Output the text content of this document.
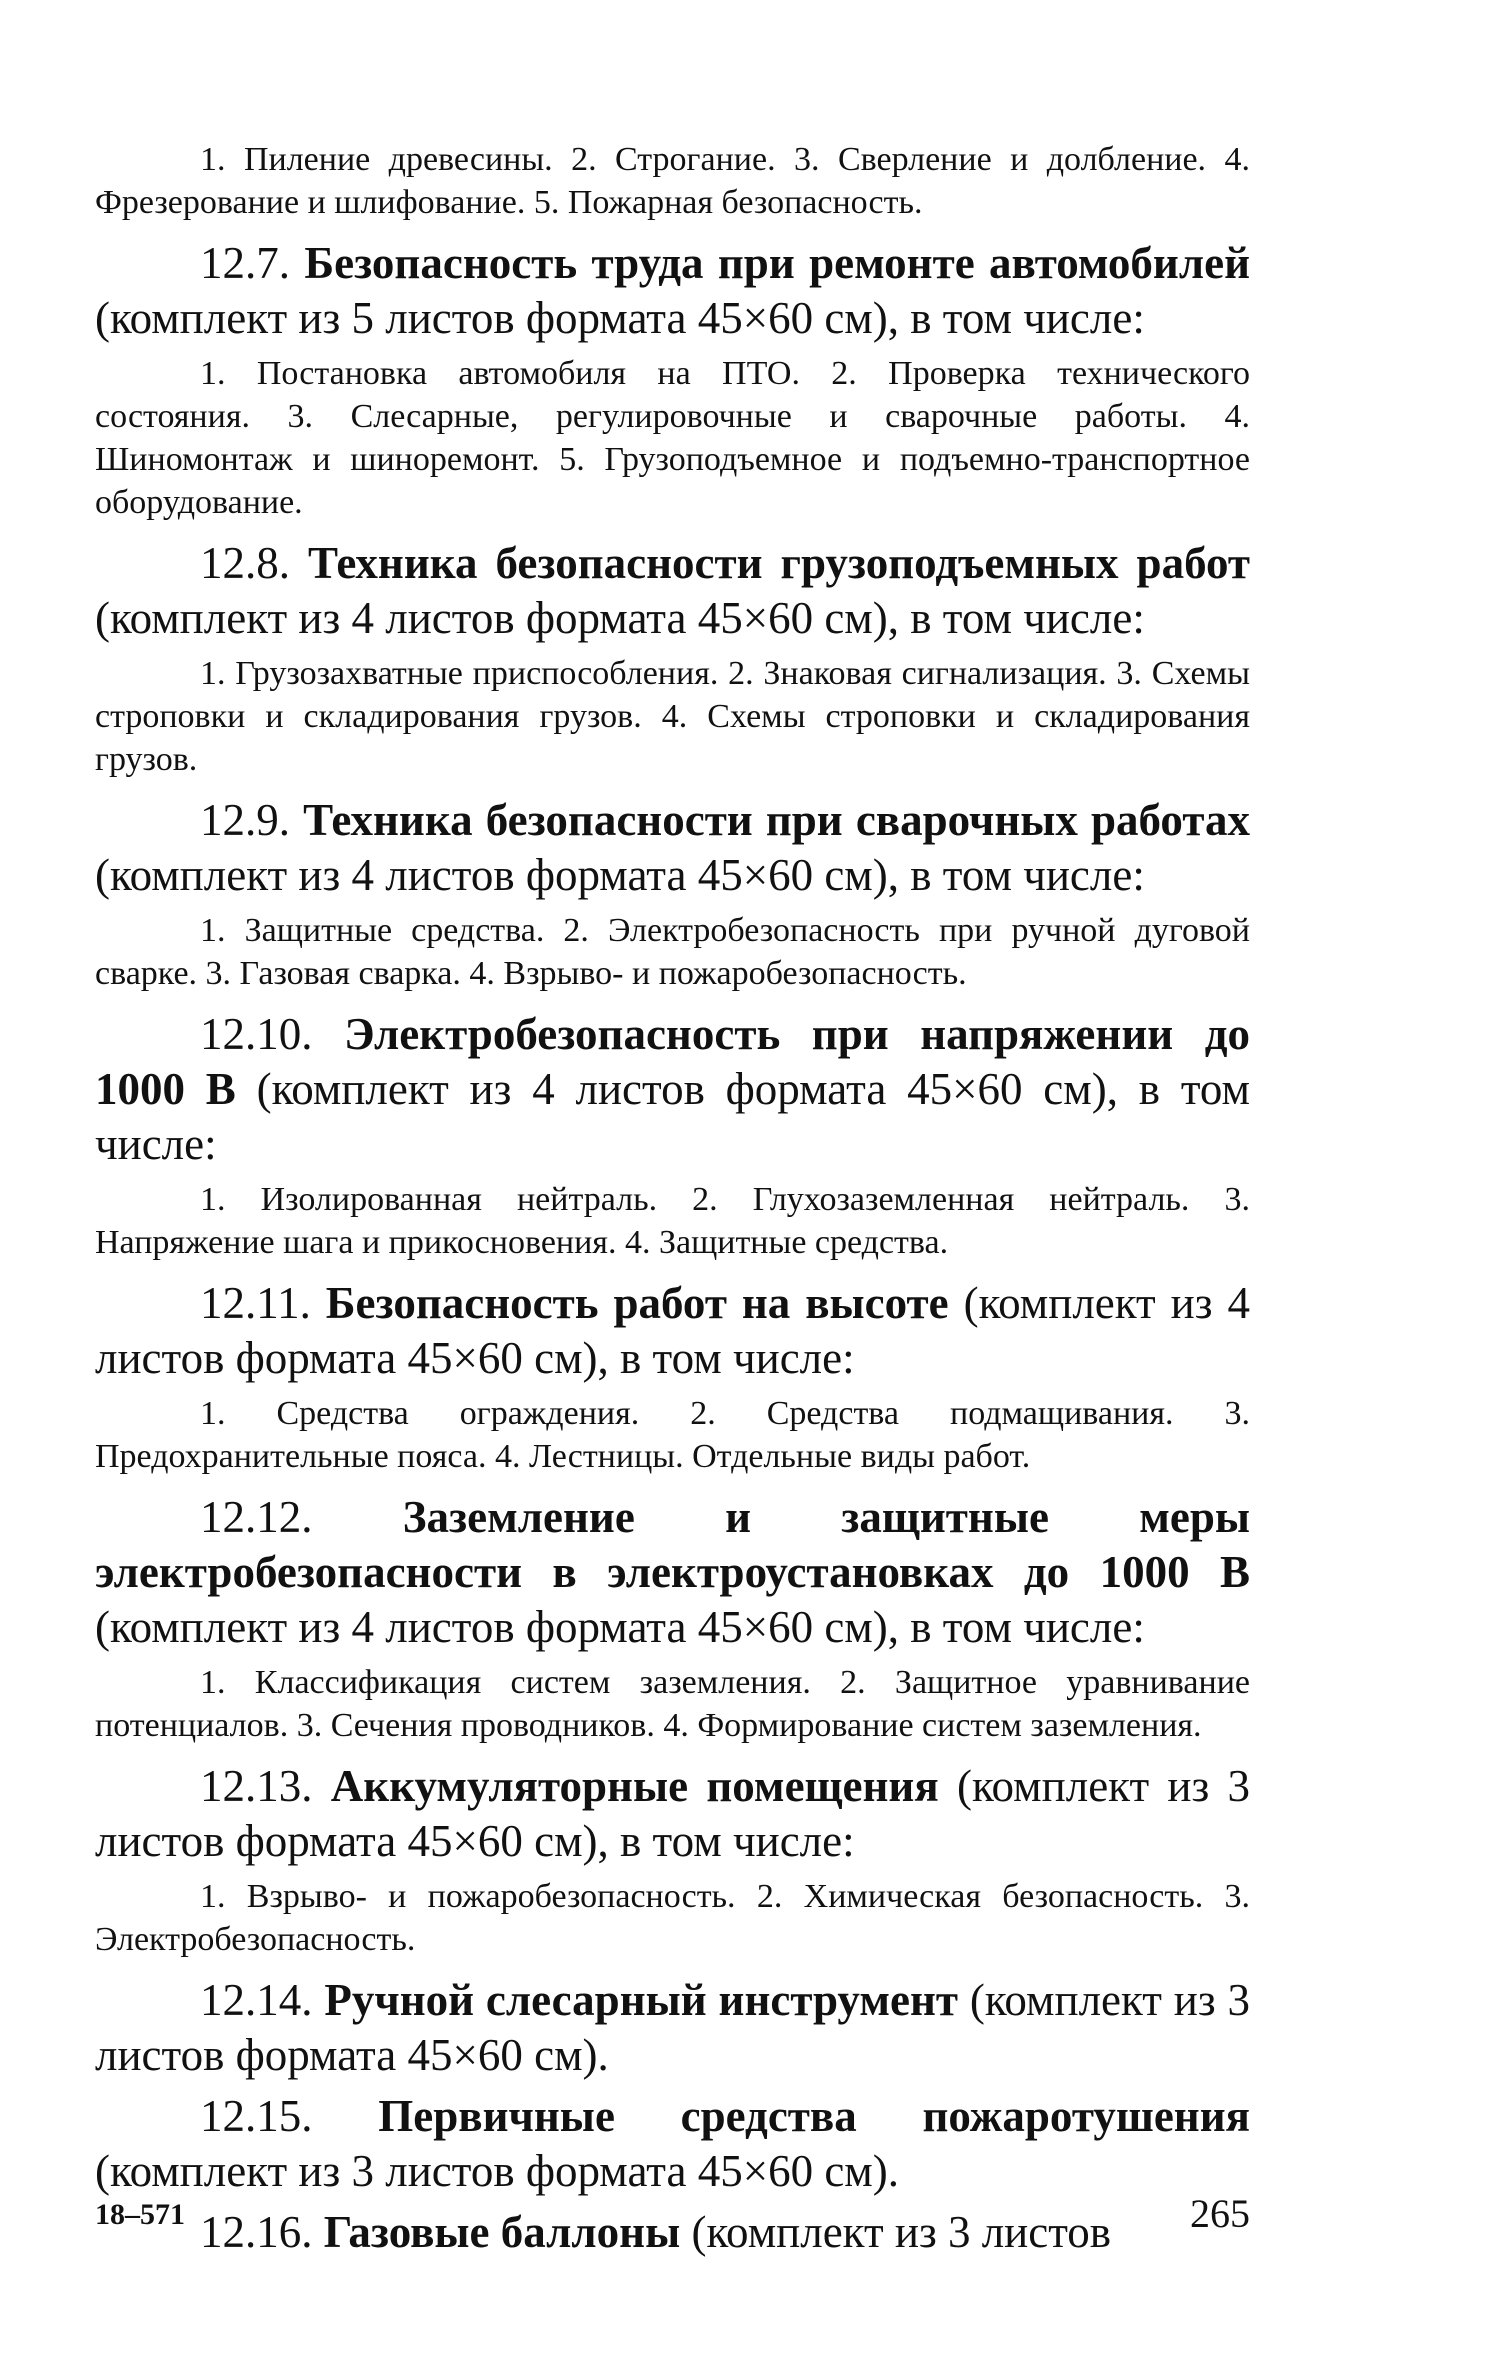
1. Пиление древесины. 2. Строгание. 3. Сверление и долбление. 4. Фрезерование и шлифование. 5. Пожарная безопасность.

12.7. Безопасность труда при ремонте автомобилей (комплект из 5 листов формата 45×60 см), в том числе:

1. Постановка автомобиля на ПТО. 2. Проверка технического состояния. 3. Слесарные, регулировочные и сварочные работы. 4. Шиномонтаж и шиноремонт. 5. Грузоподъемное и подъемно-транспортное оборудование.

12.8. Техника безопасности грузоподъемных работ (комплект из 4 листов формата 45×60 см), в том числе:

1. Грузозахватные приспособления. 2. Знаковая сигнализация. 3. Схемы строповки и складирования грузов. 4. Схемы строповки и складирования грузов.

12.9. Техника безопасности при сварочных работах (комплект из 4 листов формата 45×60 см), в том числе:

1. Защитные средства. 2. Электробезопасность при ручной дуговой сварке. 3. Газовая сварка. 4. Взрыво- и пожаробезопасность.

12.10. Электробезопасность при напряжении до 1000 В (комплект из 4 листов формата 45×60 см), в том числе:

1. Изолированная нейтраль. 2. Глухозаземленная нейтраль. 3. Напряжение шага и прикосновения. 4. Защитные средства.

12.11. Безопасность работ на высоте (комплект из 4 листов формата 45×60 см), в том числе:

1. Средства ограждения. 2. Средства подмащивания. 3. Предохранительные пояса. 4. Лестницы. Отдельные виды работ.

12.12. Заземление и защитные меры электробезопасности в электроустановках до 1000 В (комплект из 4 листов формата 45×60 см), в том числе:

1. Классификация систем заземления. 2. Защитное уравнивание потенциалов. 3. Сечения проводников. 4. Формирование систем заземления.

12.13. Аккумуляторные помещения (комплект из 3 листов формата 45×60 см), в том числе:

1. Взрыво- и пожаробезопасность. 2. Химическая безопасность. 3. Электробезопасность.

12.14. Ручной слесарный инструмент (комплект из 3 листов формата 45×60 см).

12.15. Первичные средства пожаротушения (комплект из 3 листов формата 45×60 см).

12.16. Газовые баллоны (комплект из 3 листов

18–571	265
